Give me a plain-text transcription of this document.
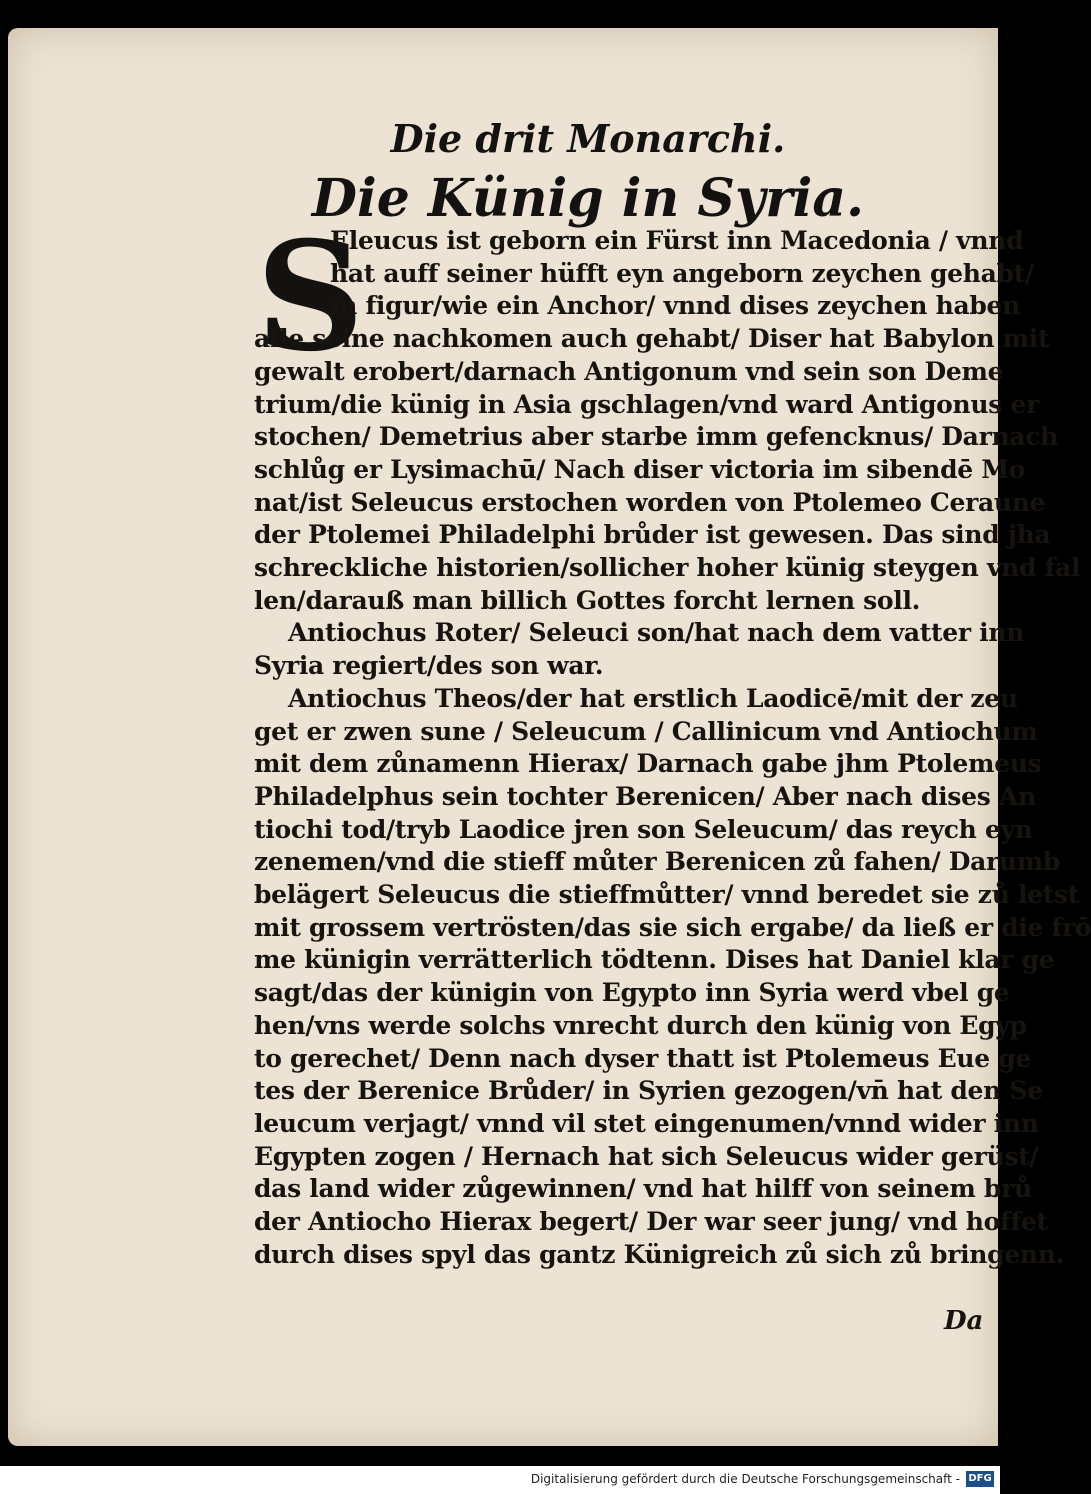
Die drit Monarchi.
Die Künig in Syria.
S
Eleucus ist geborn ein Fürst inn Macedonia / vnnd
hat auff seiner hüfft eyn angeborn zeychen gehabt/
in figur/wie ein Anchor/ vnnd dises zeychen haben
alle seine nachkomen auch gehabt/ Diser hat Babylon mit
gewalt erobert/darnach Antigonum vnd sein son Deme
trium/die künig in Asia gschlagen/vnd ward Antigonus er
stochen/ Demetrius aber starbe imm gefencknus/ Darnach
schlůg er Lysimachū/ Nach diser victoria im sibendē Mo
nat/ist Seleucus erstochen worden von Ptolemeo Ceraune
der Ptolemei Philadelphi brůder ist gewesen. Das sind jha
schreckliche historien/sollicher hoher künig steygen vnd fal
len/darauß man billich Gottes forcht lernen soll.
Antiochus Roter/ Seleuci son/hat nach dem vatter inn
Syria regiert/des son war.
Antiochus Theos/der hat erstlich Laodicē/mit der zeu
get er zwen sune / Seleucum / Callinicum vnd Antiochum
mit dem zůnamenn Hierax/ Darnach gabe jhm Ptolemeus
Philadelphus sein tochter Berenicen/ Aber nach dises An
tiochi tod/tryb Laodice jren son Seleucum/ das reych eyn
zenemen/vnd die stieff můter Berenicen zů fahen/ Darumb
belägert Seleucus die stieffmůtter/ vnnd beredet sie zů letst
mit grossem vertrösten/das sie sich ergabe/ da ließ er die frō
me künigin verrätterlich tödtenn. Dises hat Daniel klar ge
sagt/das der künigin von Egypto inn Syria werd vbel ge
hen/vns werde solchs vnrecht durch den künig von Egyp
to gerechet/ Denn nach dyser thatt ist Ptolemeus Eue ge
tes der Berenice Brůder/ in Syrien gezogen/vn̄ hat den Se
leucum verjagt/ vnnd vil stet eingenumen/vnnd wider inn
Egypten zogen / Hernach hat sich Seleucus wider gerüst/
das land wider zůgewinnen/ vnd hat hilff von seinem brů
der Antiocho Hierax begert/ Der war seer jung/ vnd hoffet
durch dises spyl das gantz Künigreich zů sich zů bringenn.
Da
Digitalisierung gefördert durch die Deutsche Forschungsgemeinschaft - DFG
